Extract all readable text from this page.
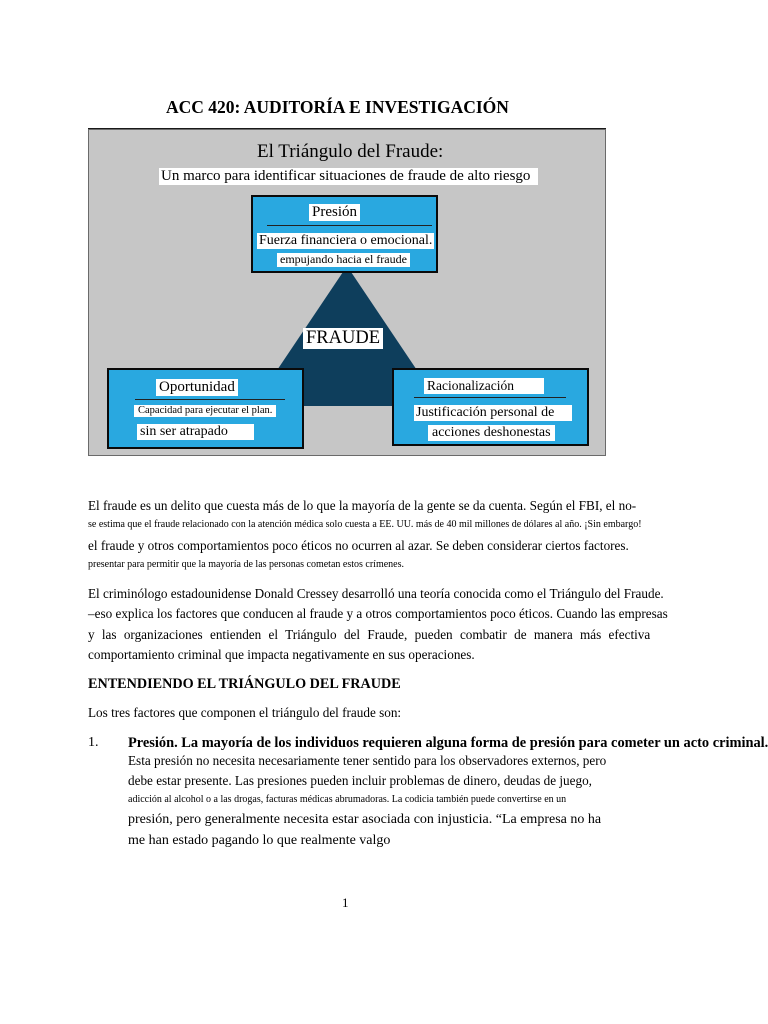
ACC 420: AUDITORÍA E INVESTIGACIÓN
El Triángulo del Fraude:
Un marco para identificar situaciones de fraude de alto riesgo
Presión
Fuerza financiera o emocional.
empujando hacia el fraude
FRAUDE
Oportunidad
Capacidad para ejecutar el plan.
sin ser atrapado
Racionalización
Justificación personal de
acciones deshonestas
El fraude es un delito que cuesta más de lo que la mayoría de la gente se da cuenta. Según el FBI, el no-
se estima que el fraude relacionado con la atención médica solo cuesta a EE. UU. más de 40 mil millones de dólares al año. ¡Sin embargo!
el fraude y otros comportamientos poco éticos no ocurren al azar. Se deben considerar ciertos factores.
presentar para permitir que la mayoría de las personas cometan estos crímenes.
El criminólogo estadounidense Donald Cressey desarrolló una teoría conocida como el Triángulo del Fraude.
–eso explica los factores que conducen al fraude y a otros comportamientos poco éticos. Cuando las empresas
y las organizaciones entienden el Triángulo del Fraude, pueden combatir de manera más efectiva
comportamiento criminal que impacta negativamente en sus operaciones.
ENTENDIENDO EL TRIÁNGULO DEL FRAUDE
Los tres factores que componen el triángulo del fraude son:
1. Presión. La mayoría de los individuos requieren alguna forma de presión para cometer un acto criminal.
Esta presión no necesita necesariamente tener sentido para los observadores externos, pero
debe estar presente. Las presiones pueden incluir problemas de dinero, deudas de juego,
adicción al alcohol o a las drogas, facturas médicas abrumadoras. La codicia también puede convertirse en un
presión, pero generalmente necesita estar asociada con injusticia. “La empresa no ha
me han estado pagando lo que realmente valgo
1
